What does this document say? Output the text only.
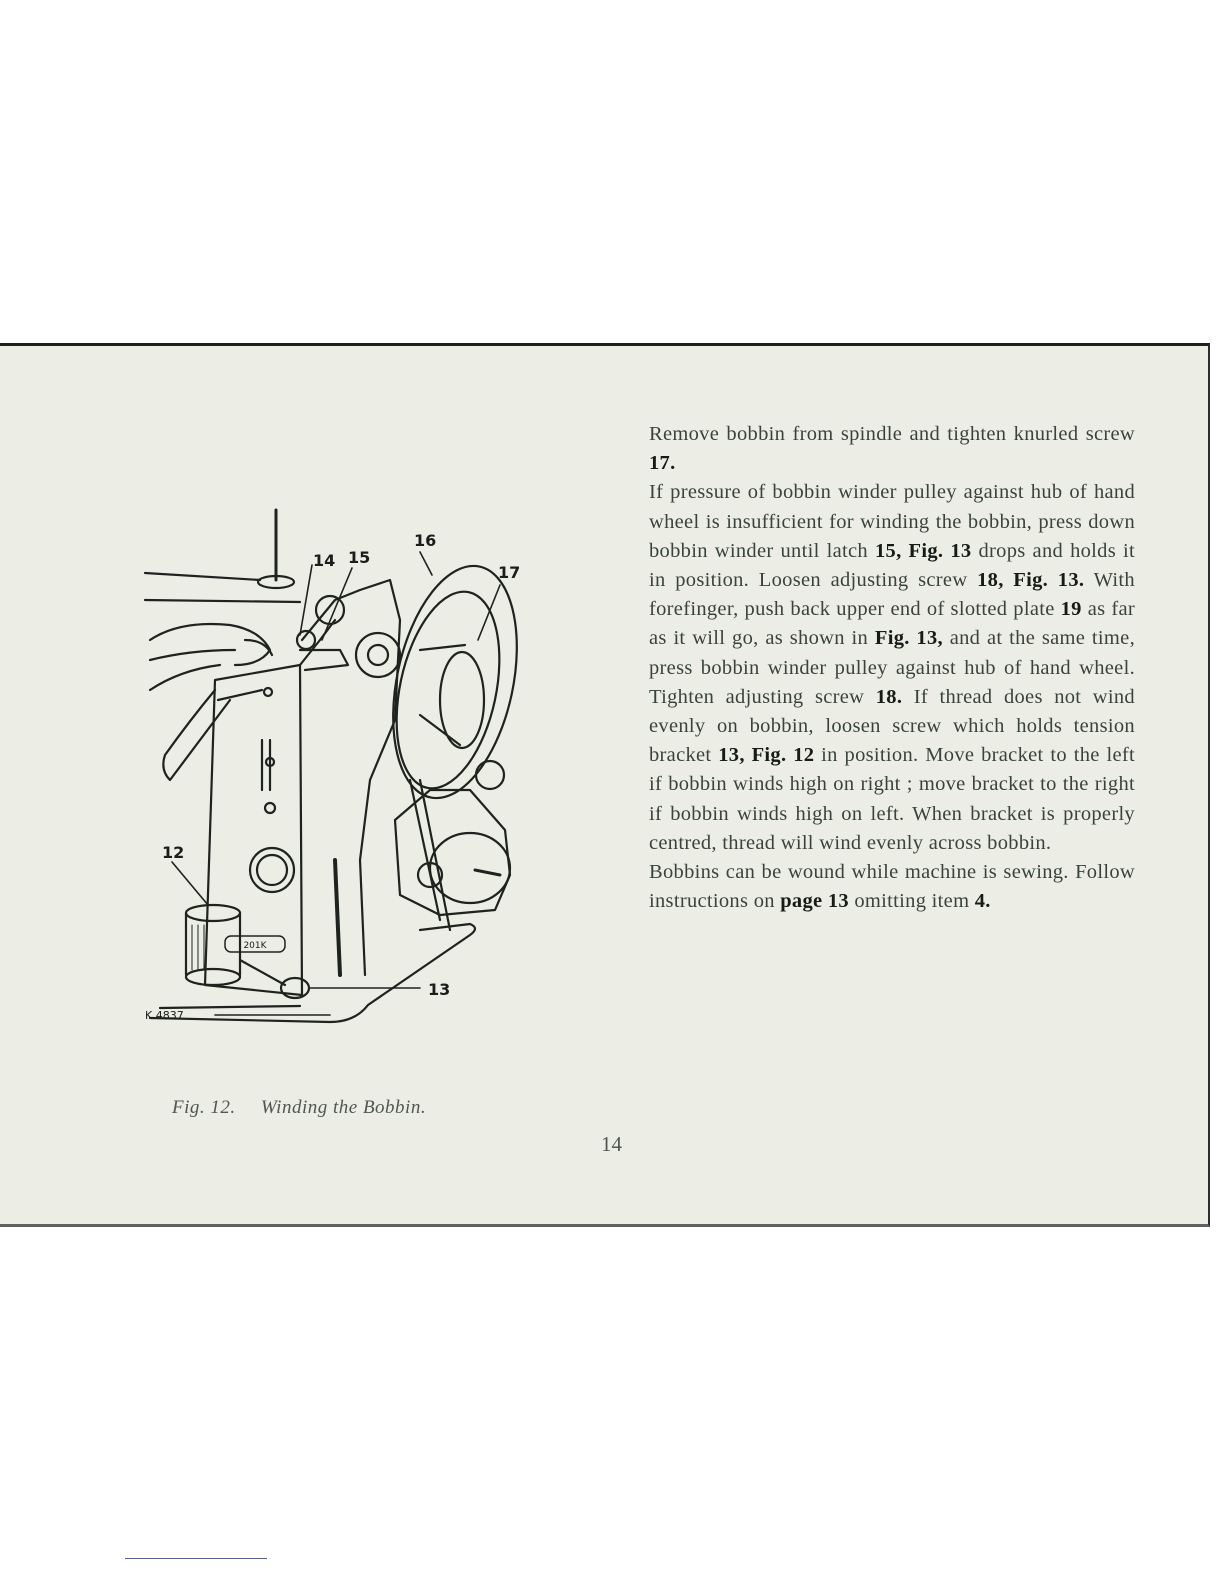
201K
14 15
16
17
12
13
K.4837
Fig. 12. Winding the Bobbin.

Remove bobbin from spindle and tighten knurled screw 17.

If pressure of bobbin winder pulley against hub of hand wheel is insufficient for winding the bobbin, press down bobbin winder until latch 15, Fig. 13 drops and holds it in position. Loosen adjusting screw 18, Fig. 13. With forefinger, push back upper end of slotted plate 19 as far as it will go, as shown in Fig. 13, and at the same time, press bobbin winder pulley against hub of hand wheel. Tighten adjusting screw 18. If thread does not wind evenly on bobbin, loosen screw which holds tension bracket 13, Fig. 12 in position. Move bracket to the left if bobbin winds high on right ; move bracket to the right if bobbin winds high on left. When bracket is properly centred, thread will wind evenly across bobbin.

Bobbins can be wound while machine is sewing. Follow instructions on page 13 omitting item 4.

14
